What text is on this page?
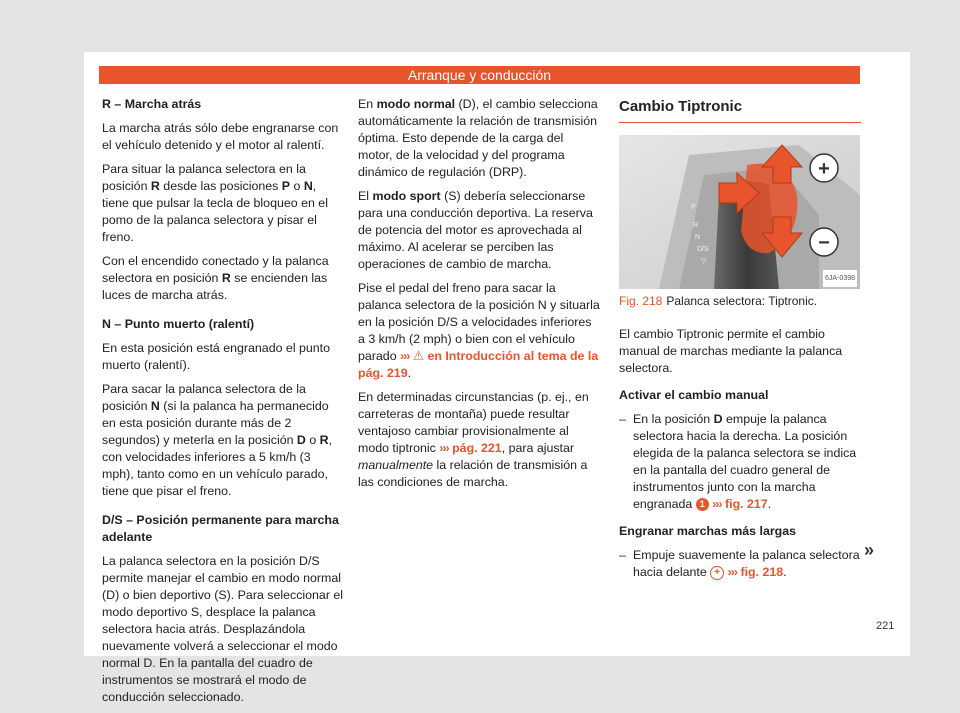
Arranque y conducción

R – Marcha atrás

La marcha atrás sólo debe engranarse con el vehículo detenido y el motor al ralentí.

Para situar la palanca selectora en la posición R desde las posiciones P o N, tiene que pulsar la tecla de bloqueo en el pomo de la palanca selectora y pisar el freno.

Con el encendido conectado y la palanca selectora en posición R se encienden las luces de marcha atrás.

N – Punto muerto (ralentí)

En esta posición está engranado el punto muerto (ralentí).

Para sacar la palanca selectora de la posición N (si la palanca ha permanecido en esta posición durante más de 2 segundos) y meterla en la posición D o R, con velocidades inferiores a 5 km/h (3 mph), tanto como en un vehículo parado, tiene que pisar el freno.

D/S – Posición permanente para marcha adelante

La palanca selectora en la posición D/S permite manejar el cambio en modo normal (D) o bien deportivo (S). Para seleccionar el modo deportivo S, desplace la palanca selectora hacia atrás. Desplazándola nuevamente volverá a seleccionar el modo normal D. En la pantalla del cuadro de instrumentos se mostrará el modo de conducción seleccionado.

En modo normal (D), el cambio selecciona automáticamente la relación de transmisión óptima. Esto depende de la carga del motor, de la velocidad y del programa dinámico de regulación (DRP).

El modo sport (S) debería seleccionarse para una conducción deportiva. La reserva de potencia del motor es aprovechada al máximo. Al acelerar se perciben las operaciones de cambio de marcha.

Pise el pedal del freno para sacar la palanca selectora de la posición N y situarla en la posición D/S a velocidades inferiores a 3 km/h (2 mph) o bien con el vehículo parado ››› ⚠ en Introducción al tema de la pág. 219.

En determinadas circunstancias (p. ej., en carreteras de montaña) puede resultar ventajoso cambiar provisionalmente al modo tiptronic ››› pág. 221, para ajustar manualmente la relación de transmisión a las condiciones de marcha.

Cambio Tiptronic
P
R
N
D/S
▽
+
−
6JA-0398
Fig. 218 Palanca selectora: Tiptronic.

El cambio Tiptronic permite el cambio manual de marchas mediante la palanca selectora.

Activar el cambio manual

– En la posición D empuje la palanca selectora hacia la derecha. La posición elegida de la palanca selectora se indica en la pantalla del cuadro general de instrumentos junto con la marcha engranada 1 ››› fig. 217.

Engranar marchas más largas

– Empuje suavemente la palanca selectora hacia delante + ››› fig. 218.
»
221
